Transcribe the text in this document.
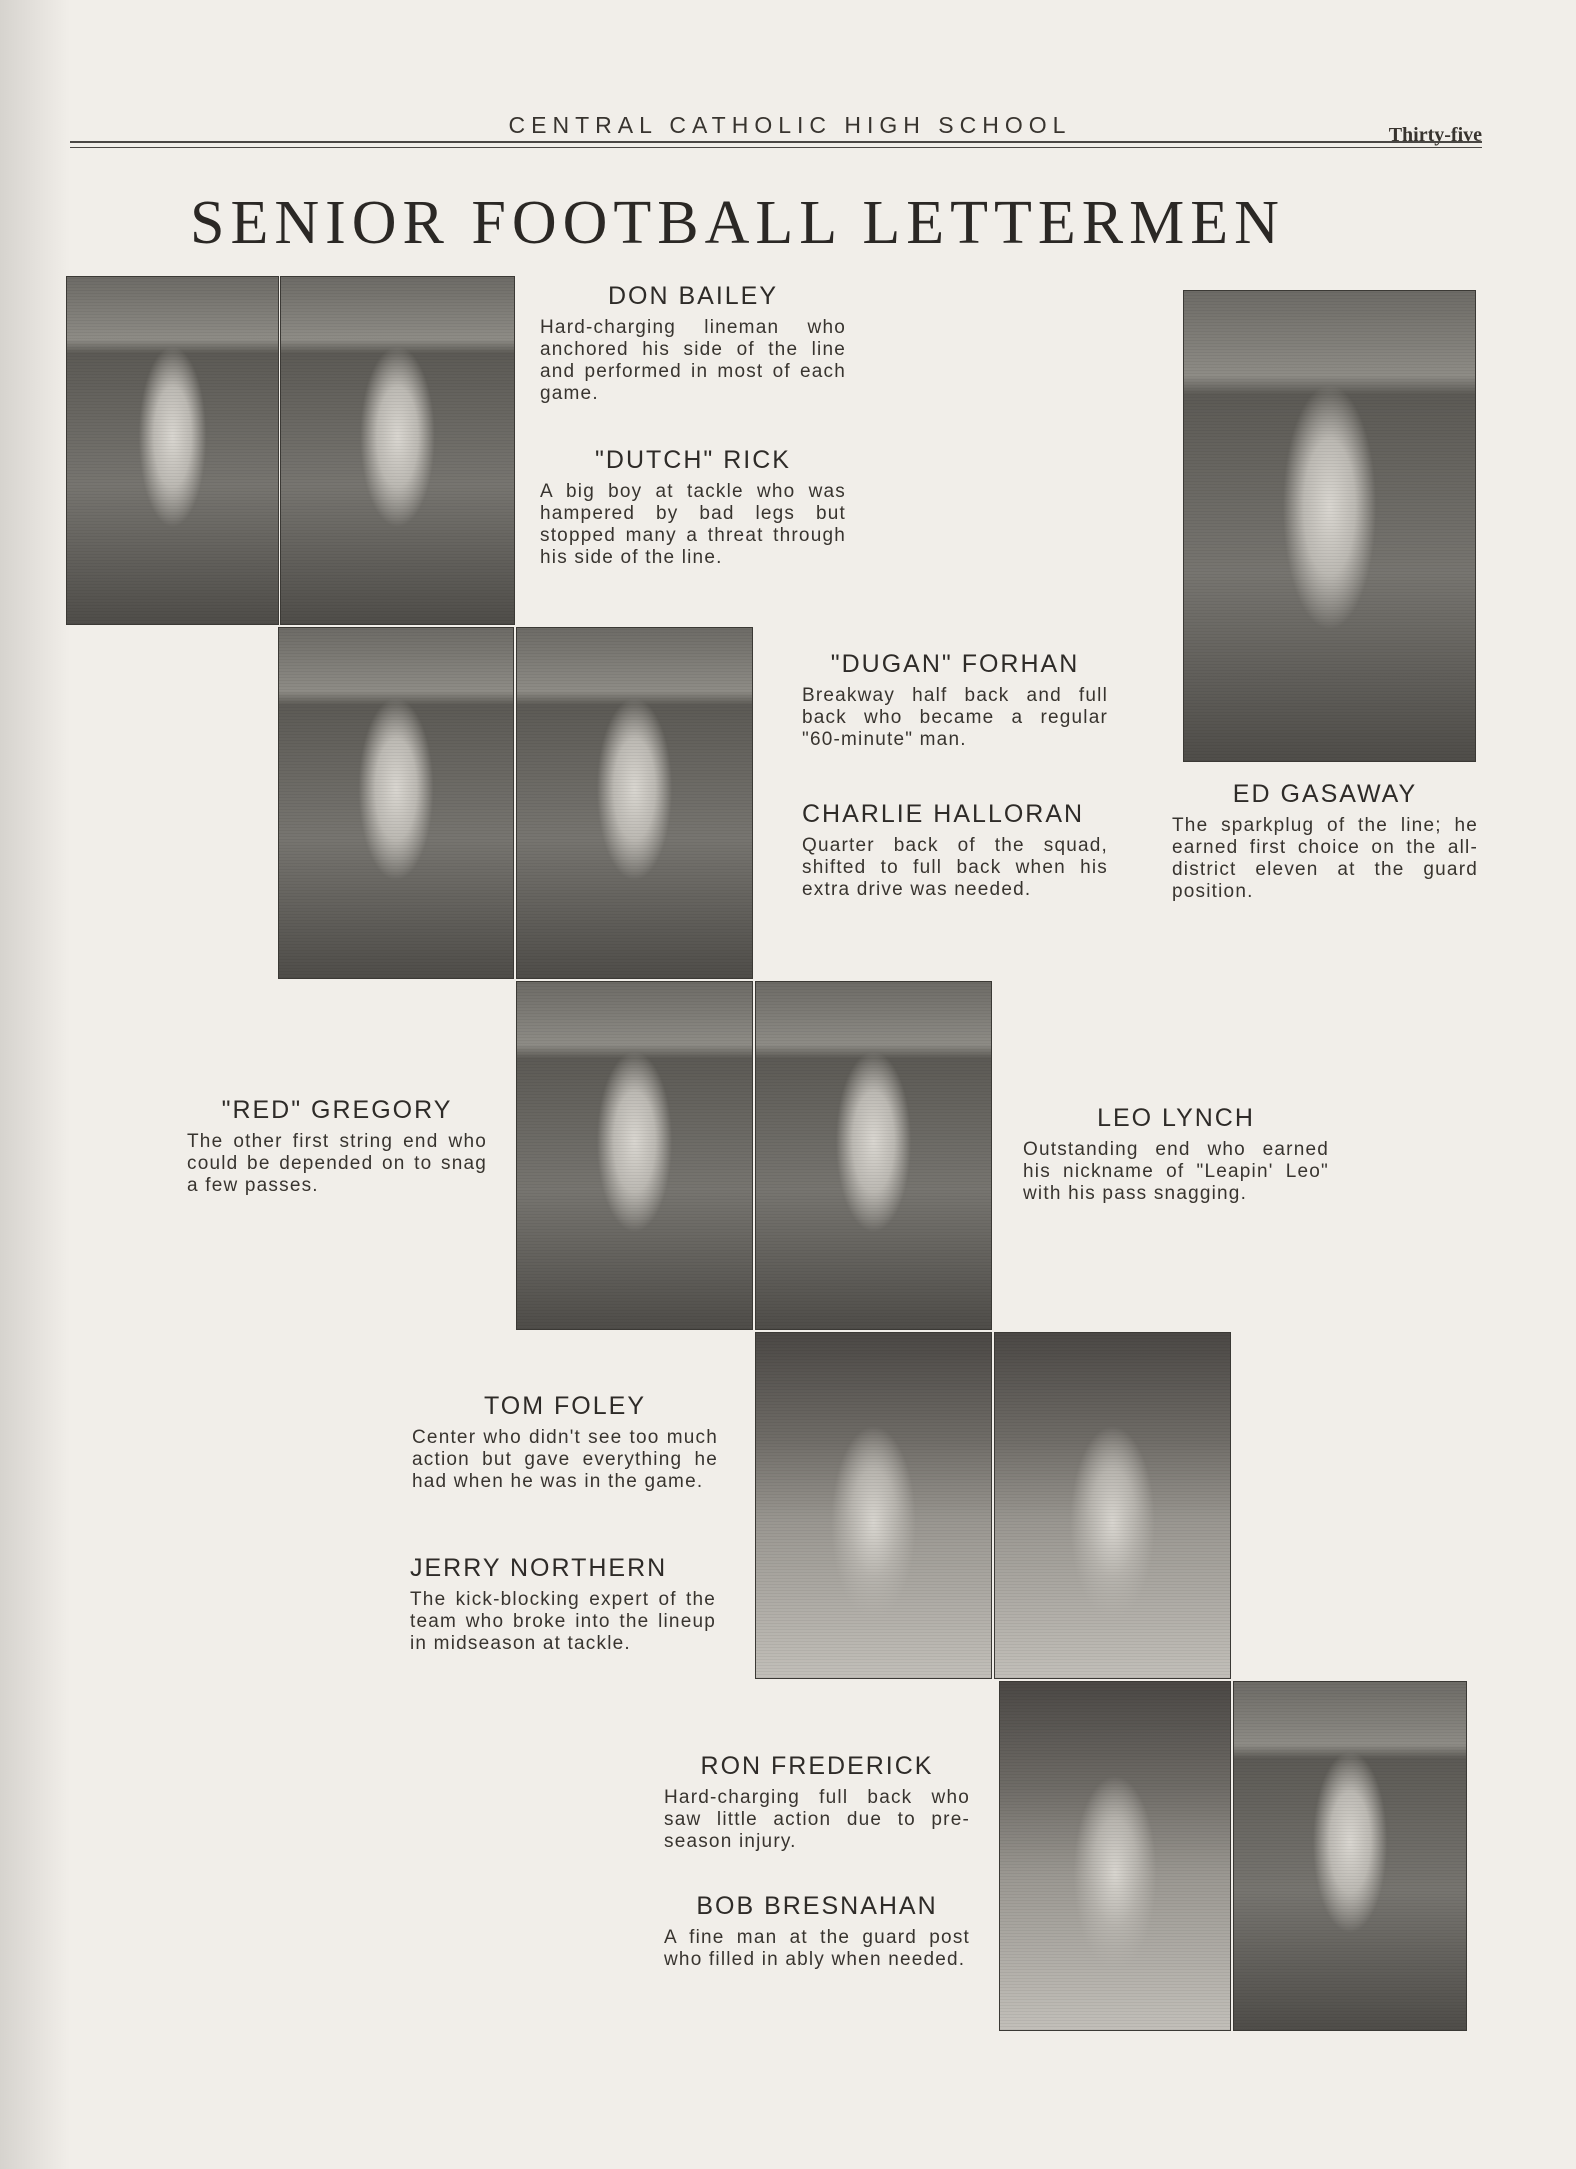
CENTRAL CATHOLIC HIGH SCHOOL	Thirty-five
SENIOR FOOTBALL LETTERMEN
DON BAILEY
Hard-charging lineman who anchored his side of the line and performed in most of each game.
"DUTCH" RICK
A big boy at tackle who was hampered by bad legs but stopped many a threat through his side of the line.
"DUGAN" FORHAN
Breakway half back and full back who became a regular "60-minute" man.
CHARLIE HALLORAN
Quarter back of the squad, shifted to full back when his extra drive was needed.
ED GASAWAY
The sparkplug of the line; he earned first choice on the all-district eleven at the guard position.
"RED" GREGORY
The other first string end who could be depended on to snag a few passes.
LEO LYNCH
Outstanding end who earned his nickname of "Leapin' Leo" with his pass snagging.
TOM FOLEY
Center who didn't see too much action but gave everything he had when he was in the game.
JERRY NORTHERN
The kick-blocking expert of the team who broke into the lineup in midseason at tackle.
RON FREDERICK
Hard-charging full back who saw little action due to pre-season injury.
BOB BRESNAHAN
A fine man at the guard post who filled in ably when needed.
